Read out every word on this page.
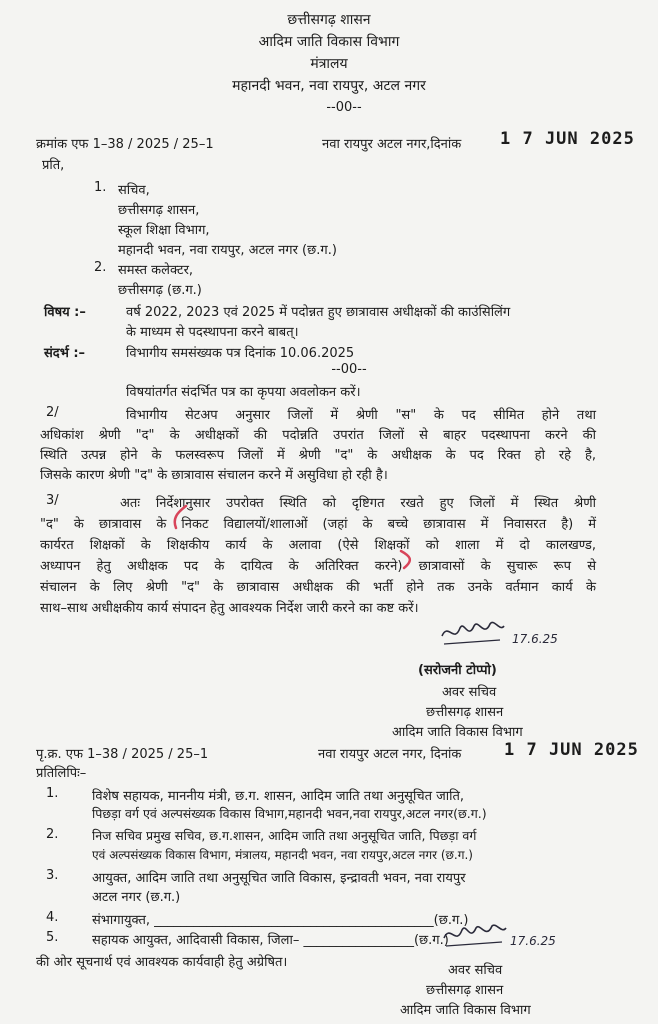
छत्तीसगढ़ शासन
आदिम जाति विकास विभाग
मंत्रालय
महानदी भवन, नवा रायपुर, अटल नगर
--00--
क्रमांक एफ 1–38 / 2025 / 25–1	नवा रायपुर अटल नगर,दिनांक 1 7 JUN 2025
प्रति,
1. सचिव,
छत्तीसगढ़ शासन,
स्कूल शिक्षा विभाग,
महानदी भवन, नवा रायपुर, अटल नगर (छ.ग.)
2. समस्त कलेक्टर,
छत्तीसगढ़ (छ.ग.)
विषय :–	वर्ष 2022, 2023 एवं 2025 में पदोन्नत हुए छात्रावास अधीक्षकों की काउंसिलिंग
के माध्यम से पदस्थापना करने बाबत्।
संदर्भ :–	विभागीय समसंख्यक पत्र दिनांक 10.06.2025
--00--
विषयांतर्गत संदर्भित पत्र का कृपया अवलोकन करें।
2/	विभागीय सेटअप अनुसार जिलों में श्रेणी "स" के पद सीमित होने तथा
अधिकांश श्रेणी "द" के अधीक्षकों की पदोन्नति उपरांत जिलों से बाहर पदस्थापना करने की
स्थिति उत्पन्न होने के फलस्वरूप जिलों में श्रेणी "द" के अधीक्षक के पद रिक्त हो रहे है,
जिसके कारण श्रेणी "द" के छात्रावास संचालन करने में असुविधा हो रही है।
3/	अतः निर्देशानुसार उपरोक्त स्थिति को दृष्टिगत रखते हुए जिलों में स्थित श्रेणी
"द" के छात्रावास के निकट विद्यालयों/शालाओं (जहां के बच्चे छात्रावास में निवासरत है) में
कार्यरत शिक्षकों के शिक्षकीय कार्य के अलावा (ऐसे शिक्षकों को शाला में दो कालखण्ड,
अध्यापन हेतु अधीक्षक पद के दायित्व के अतिरिक्त करने) छात्रावासों के सुचारू रूप से
संचालन के लिए श्रेणी "द" के छात्रावास अधीक्षक की भर्ती होने तक उनके वर्तमान कार्य के
साथ–साथ अधीक्षकीय कार्य संपादन हेतु आवश्यक निर्देश जारी करने का कष्ट करें।
17.6.25
(सरोजनी टोप्पो)
अवर सचिव
छत्तीसगढ़ शासन
आदिम जाति विकास विभाग
पृ.क्र. एफ 1–38 / 2025 / 25–1	नवा रायपुर अटल नगर, दिनांक	1 7 JUN 2025
प्रतिलिपिः–
1.	विशेष सहायक, माननीय मंत्री, छ.ग. शासन, आदिम जाति तथा अनुसूचित जाति,
पिछड़ा वर्ग एवं अल्पसंख्यक विकास विभाग,महानदी भवन,नवा रायपुर,अटल नगर(छ.ग.)
2.	निज सचिव प्रमुख सचिव, छ.ग.शासन, आदिम जाति तथा अनुसूचित जाति, पिछड़ा वर्ग
एवं अल्पसंख्यक विकास विभाग, मंत्रालय, महानदी भवन, नवा रायपुर,अटल नगर (छ.ग.)
3.	आयुक्त, आदिम जाति तथा अनुसूचित जाति विकास, इन्द्रावती भवन, नवा रायपुर
अटल नगर (छ.ग.)
4.	संभागायुक्त, ___________________________________________(छ.ग.)
5.	सहायक आयुक्त, आदिवासी विकास, जिला– _________________(छ.ग.)
की ओर सूचनार्थ एवं आवश्यक कार्यवाही हेतु अग्रेषित।
17.6.25
अवर सचिव
छत्तीसगढ़ शासन
आदिम जाति विकास विभाग
